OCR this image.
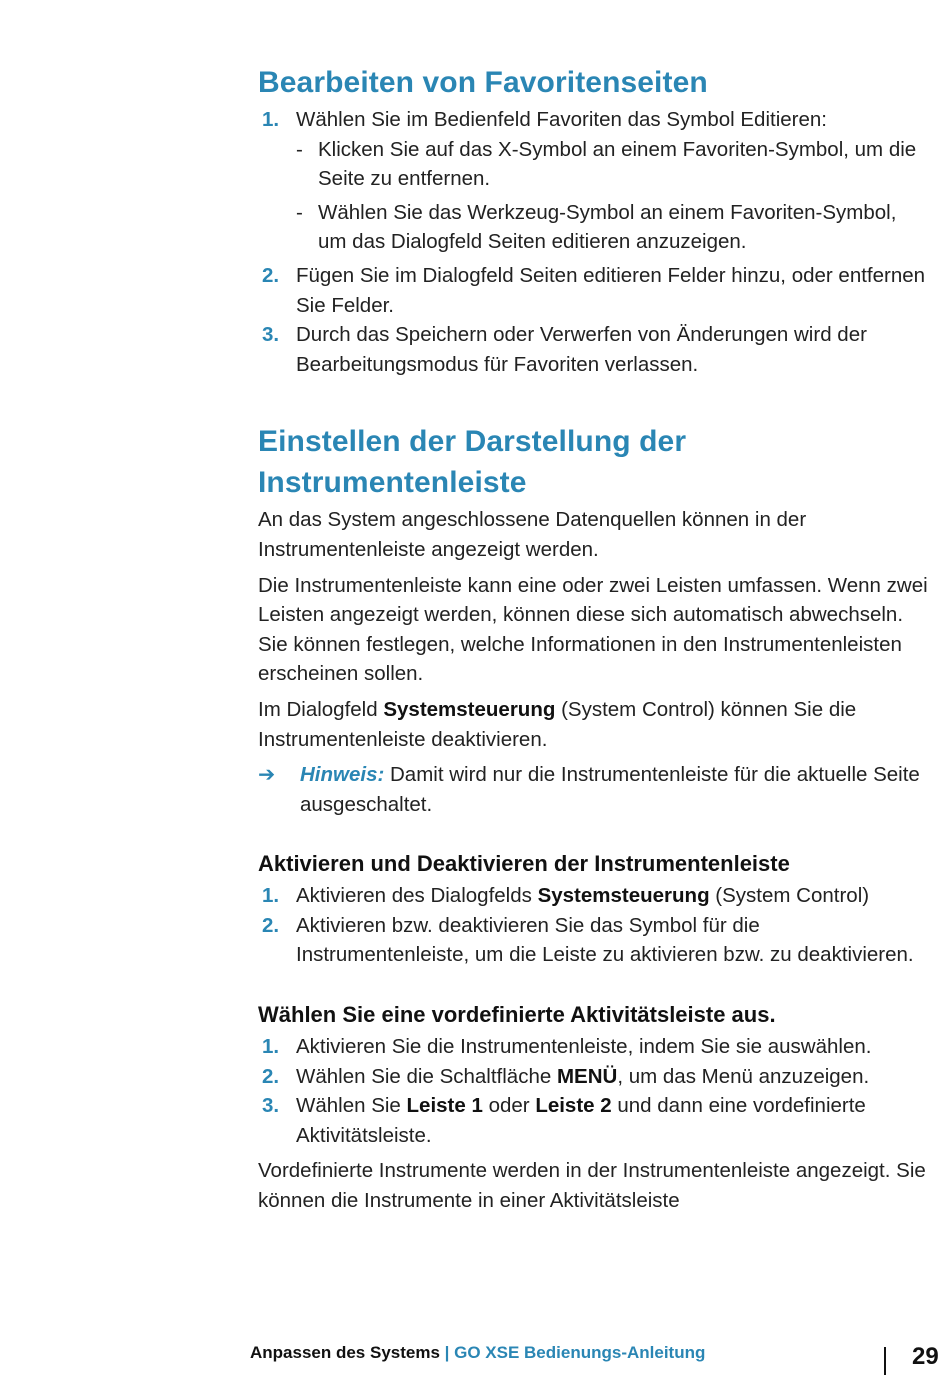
Bearbeiten von Favoritenseiten
1. Wählen Sie im Bedienfeld Favoriten das Symbol Editieren:
- Klicken Sie auf das X-Symbol an einem Favoriten-Symbol, um die Seite zu entfernen.
- Wählen Sie das Werkzeug-Symbol an einem Favoriten-Symbol, um das Dialogfeld Seiten editieren anzuzeigen.
2. Fügen Sie im Dialogfeld Seiten editieren Felder hinzu, oder entfernen Sie Felder.
3. Durch das Speichern oder Verwerfen von Änderungen wird der Bearbeitungsmodus für Favoriten verlassen.
Einstellen der Darstellung der Instrumentenleiste

An das System angeschlossene Datenquellen können in der Instrumentenleiste angezeigt werden.

Die Instrumentenleiste kann eine oder zwei Leisten umfassen. Wenn zwei Leisten angezeigt werden, können diese sich automatisch abwechseln. Sie können festlegen, welche Informationen in den Instrumentenleisten erscheinen sollen.

Im Dialogfeld Systemsteuerung (System Control) können Sie die Instrumentenleiste deaktivieren.

➔ Hinweis: Damit wird nur die Instrumentenleiste für die aktuelle Seite ausgeschaltet.
Aktivieren und Deaktivieren der Instrumentenleiste
1. Aktivieren des Dialogfelds Systemsteuerung (System Control)
2. Aktivieren bzw. deaktivieren Sie das Symbol für die Instrumentenleiste, um die Leiste zu aktivieren bzw. zu deaktivieren.
Wählen Sie eine vordefinierte Aktivitätsleiste aus.
1. Aktivieren Sie die Instrumentenleiste, indem Sie sie auswählen.
2. Wählen Sie die Schaltfläche MENÜ, um das Menü anzuzeigen.
3. Wählen Sie Leiste 1 oder Leiste 2 und dann eine vordefinierte Aktivitätsleiste.

Vordefinierte Instrumente werden in der Instrumentenleiste angezeigt. Sie können die Instrumente in einer Aktivitätsleiste

Anpassen des Systems | GO XSE Bedienungs-Anleitung	29
